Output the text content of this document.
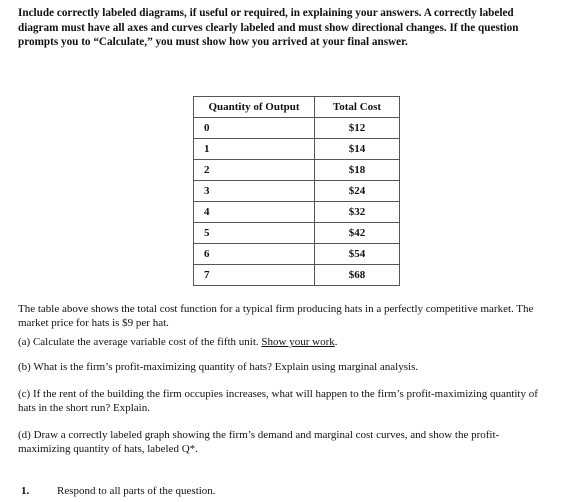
Include correctly labeled diagrams, if useful or required, in explaining your answers. A correctly labeled diagram must have all axes and curves clearly labeled and must show directional changes. If the question prompts you to “Calculate,” you must show how you arrived at your final answer.

Quantity of Output	Total Cost
0	$12
1	$14
2	$18
3	$24
4	$32
5	$42
6	$54
7	$68

The table above shows the total cost function for a typical firm producing hats in a perfectly competitive market. The market price for hats is $9 per hat.

(a) Calculate the average variable cost of the fifth unit. Show your work.

(b) What is the firm’s profit-maximizing quantity of hats? Explain using marginal analysis.

(c) If the rent of the building the firm occupies increases, what will happen to the firm’s profit-maximizing quantity of hats in the short run? Explain.

(d) Draw a correctly labeled graph showing the firm’s demand and marginal cost curves, and show the profit-maximizing quantity of hats, labeled Q*.

1.	Respond to all parts of the question.
